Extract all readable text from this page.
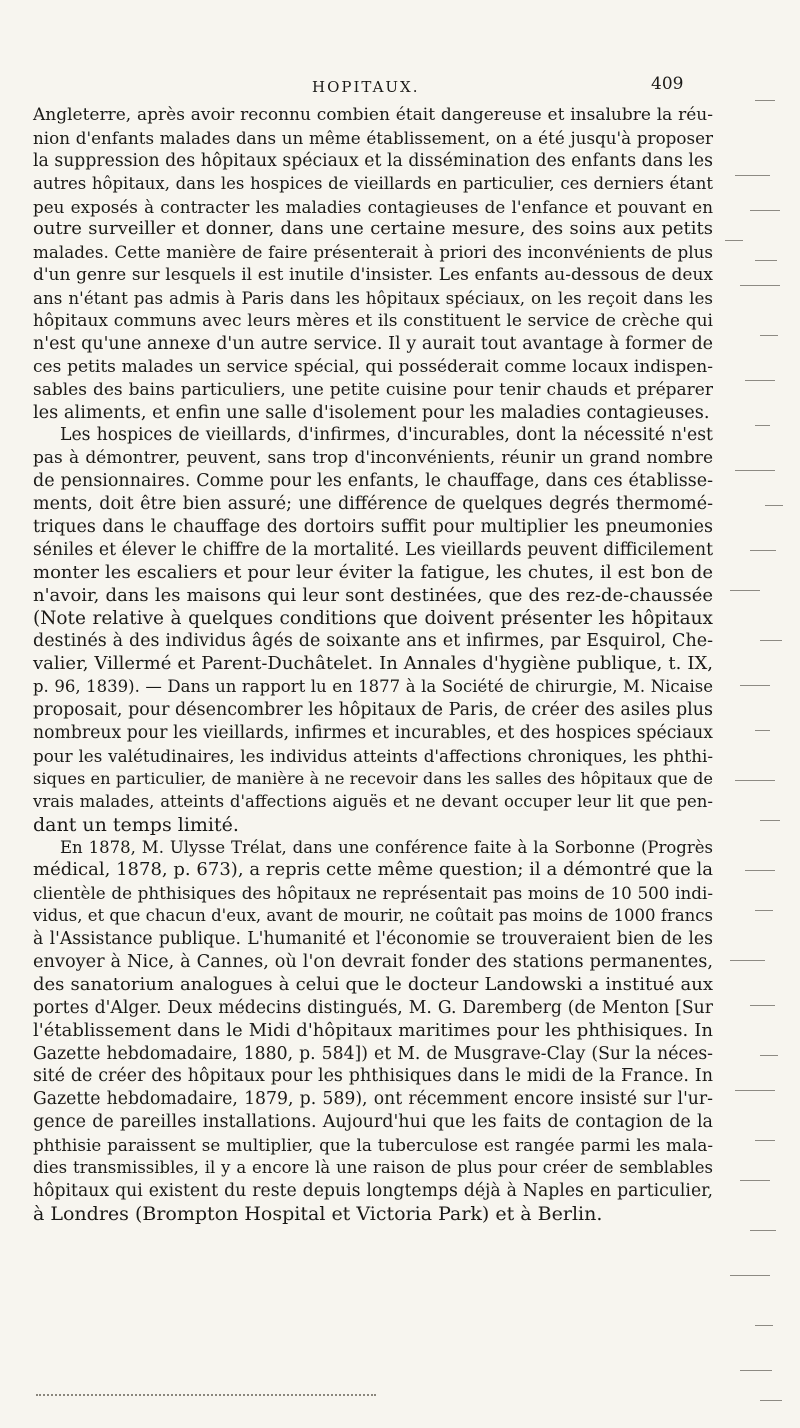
HOPITAUX.	409
Angleterre, après avoir reconnu combien était dangereuse et insalubre la réu-
nion d'enfants malades dans un même établissement, on a été jusqu'à proposer
la suppression des hôpitaux spéciaux et la dissémination des enfants dans les
autres hôpitaux, dans les hospices de vieillards en particulier, ces derniers étant
peu exposés à contracter les maladies contagieuses de l'enfance et pouvant en
outre surveiller et donner, dans une certaine mesure, des soins aux petits
malades. Cette manière de faire présenterait à priori des inconvénients de plus
d'un genre sur lesquels il est inutile d'insister. Les enfants au-dessous de deux
ans n'étant pas admis à Paris dans les hôpitaux spéciaux, on les reçoit dans les
hôpitaux communs avec leurs mères et ils constituent le service de crèche qui
n'est qu'une annexe d'un autre service. Il y aurait tout avantage à former de
ces petits malades un service spécial, qui posséderait comme locaux indispen-
sables des bains particuliers, une petite cuisine pour tenir chauds et préparer
les aliments, et enfin une salle d'isolement pour les maladies contagieuses.
Les hospices de vieillards, d'infirmes, d'incurables, dont la nécessité n'est
pas à démontrer, peuvent, sans trop d'inconvénients, réunir un grand nombre
de pensionnaires. Comme pour les enfants, le chauffage, dans ces établisse-
ments, doit être bien assuré; une différence de quelques degrés thermomé-
triques dans le chauffage des dortoirs suffit pour multiplier les pneumonies
séniles et élever le chiffre de la mortalité. Les vieillards peuvent difficilement
monter les escaliers et pour leur éviter la fatigue, les chutes, il est bon de
n'avoir, dans les maisons qui leur sont destinées, que des rez-de-chaussée
(Note relative à quelques conditions que doivent présenter les hôpitaux
destinés à des individus âgés de soixante ans et infirmes, par Esquirol, Che-
valier, Villermé et Parent-Duchâtelet. In Annales d'hygiène publique, t. IX,
p. 96, 1839). — Dans un rapport lu en 1877 à la Société de chirurgie, M. Nicaise
proposait, pour désencombrer les hôpitaux de Paris, de créer des asiles plus
nombreux pour les vieillards, infirmes et incurables, et des hospices spéciaux
pour les valétudinaires, les individus atteints d'affections chroniques, les phthi-
siques en particulier, de manière à ne recevoir dans les salles des hôpitaux que de
vrais malades, atteints d'affections aiguës et ne devant occuper leur lit que pen-
dant un temps limité.
En 1878, M. Ulysse Trélat, dans une conférence faite à la Sorbonne (Progrès
médical, 1878, p. 673), a repris cette même question; il a démontré que la
clientèle de phthisiques des hôpitaux ne représentait pas moins de 10 500 indi-
vidus, et que chacun d'eux, avant de mourir, ne coûtait pas moins de 1000 francs
à l'Assistance publique. L'humanité et l'économie se trouveraient bien de les
envoyer à Nice, à Cannes, où l'on devrait fonder des stations permanentes,
des sanatorium analogues à celui que le docteur Landowski a institué aux
portes d'Alger. Deux médecins distingués, M. G. Daremberg (de Menton [Sur
l'établissement dans le Midi d'hôpitaux maritimes pour les phthisiques. In
Gazette hebdomadaire, 1880, p. 584]) et M. de Musgrave-Clay (Sur la néces-
sité de créer des hôpitaux pour les phthisiques dans le midi de la France. In
Gazette hebdomadaire, 1879, p. 589), ont récemment encore insisté sur l'ur-
gence de pareilles installations. Aujourd'hui que les faits de contagion de la
phthisie paraissent se multiplier, que la tuberculose est rangée parmi les mala-
dies transmissibles, il y a encore là une raison de plus pour créer de semblables
hôpitaux qui existent du reste depuis longtemps déjà à Naples en particulier,
à Londres (Brompton Hospital et Victoria Park) et à Berlin.
